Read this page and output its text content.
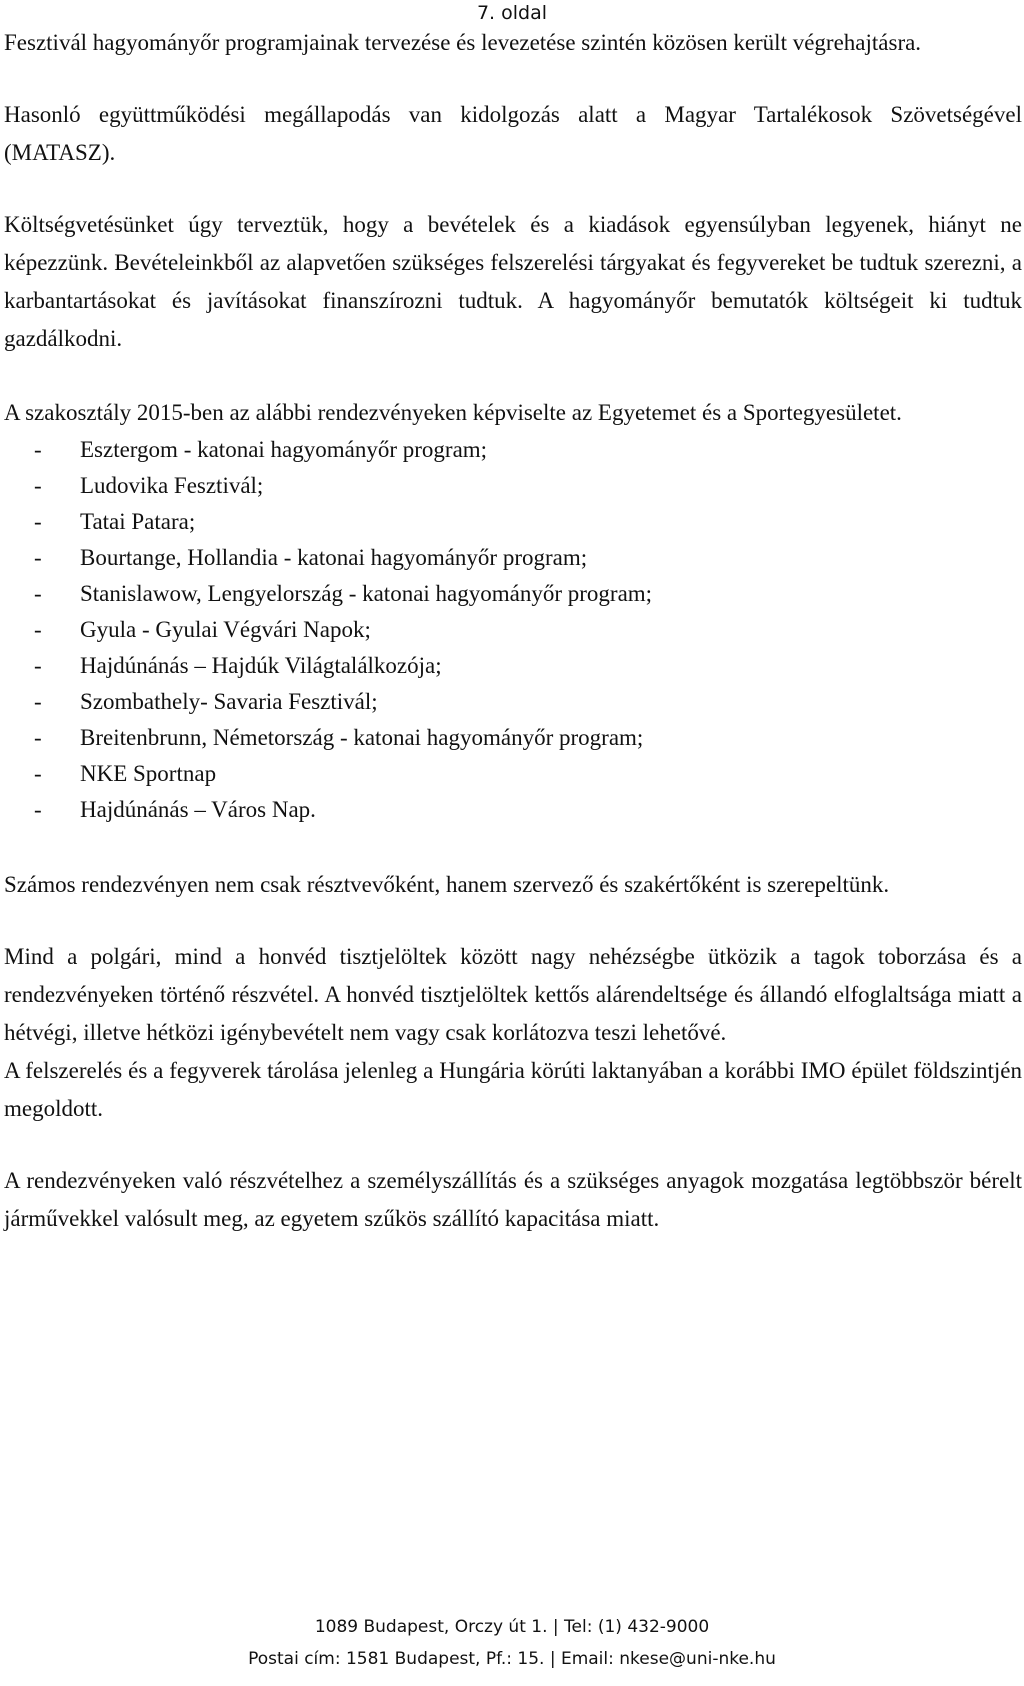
7. oldal

Fesztivál hagyományőr programjainak tervezése és levezetése szintén közösen került végrehajtásra.

Hasonló együttműködési megállapodás van kidolgozás alatt a Magyar Tartalékosok Szövetségével (MATASZ).

Költségvetésünket úgy terveztük, hogy a bevételek és a kiadások egyensúlyban legyenek, hiányt ne képezzünk. Bevételeinkből az alapvetően szükséges felszerelési tárgyakat és fegyvereket be tudtuk szerezni, a karbantartásokat és javításokat finanszírozni tudtuk. A hagyományőr bemutatók költségeit ki tudtuk gazdálkodni.

A szakosztály 2015-ben az alábbi rendezvényeken képviselte az Egyetemet és a Sportegyesületet.

- Esztergom - katonai hagyományőr program;
- Ludovika Fesztivál;
- Tatai Patara;
- Bourtange, Hollandia - katonai hagyományőr program;
- Stanislawow, Lengyelország - katonai hagyományőr program;
- Gyula - Gyulai Végvári Napok;
- Hajdúnánás – Hajdúk Világtalálkozója;
- Szombathely- Savaria Fesztivál;
- Breitenbrunn, Németország - katonai hagyományőr program;
- NKE Sportnap
- Hajdúnánás – Város Nap.

Számos rendezvényen nem csak résztvevőként, hanem szervező és szakértőként is szerepeltünk.

Mind a polgári, mind a honvéd tisztjelöltek között nagy nehézségbe ütközik a tagok toborzása és a rendezvényeken történő részvétel. A honvéd tisztjelöltek kettős alárendeltsége és állandó elfoglaltsága miatt a hétvégi, illetve hétközi igénybevételt nem vagy csak korlátozva teszi lehetővé.

A felszerelés és a fegyverek tárolása jelenleg a Hungária körúti laktanyában a korábbi IMO épület földszintjén megoldott.

A rendezvényeken való részvételhez a személyszállítás és a szükséges anyagok mozgatása legtöbbször bérelt járművekkel valósult meg, az egyetem szűkös szállító kapacitása miatt.

1089 Budapest, Orczy út 1. | Tel: (1) 432-9000

Postai cím: 1581 Budapest, Pf.: 15. | Email: nkese@uni-nke.hu
